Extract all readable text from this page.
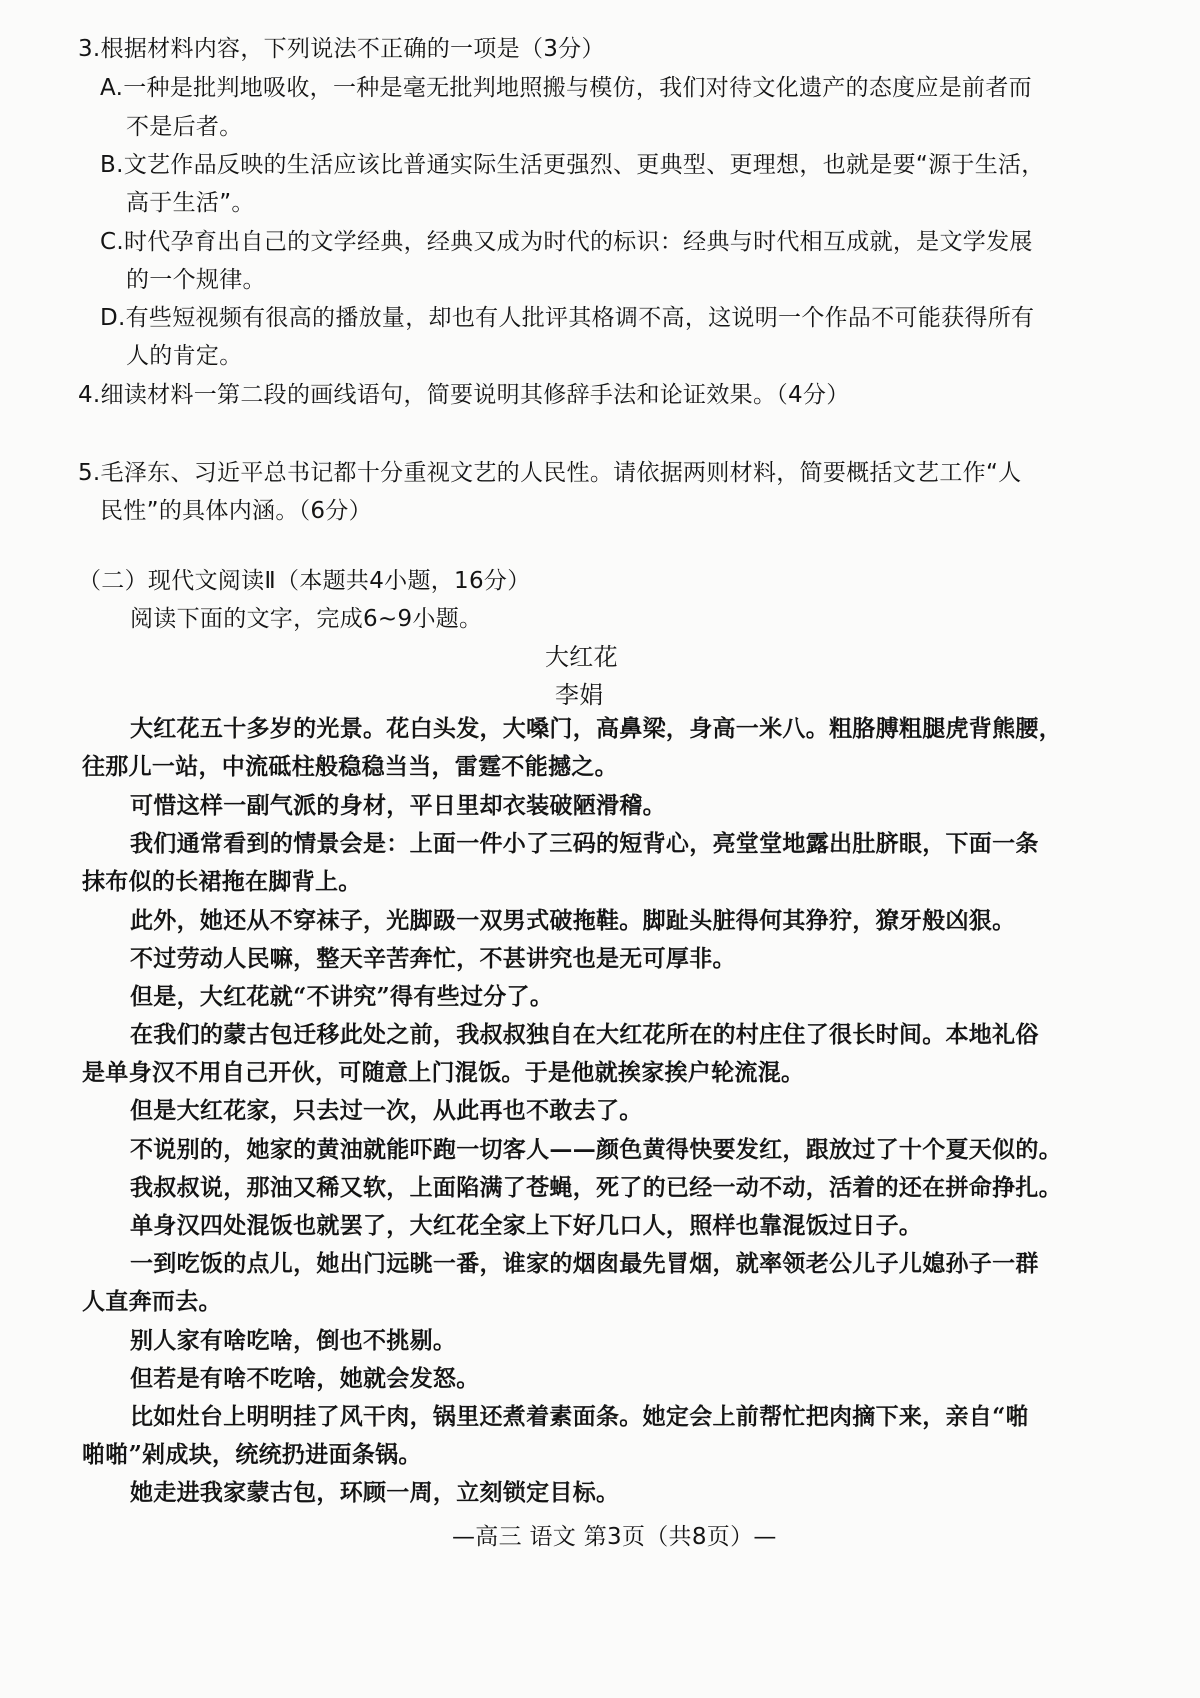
3.根据材料内容，下列说法不正确的一项是（3分）
A.一种是批判地吸收，一种是毫无批判地照搬与模仿，我们对待文化遗产的态度应是前者而
不是后者。
B.文艺作品反映的生活应该比普通实际生活更强烈、更典型、更理想，也就是要“源于生活，
高于生活”。
C.时代孕育出自己的文学经典，经典又成为时代的标识：经典与时代相互成就，是文学发展
的一个规律。
D.有些短视频有很高的播放量，却也有人批评其格调不高，这说明一个作品不可能获得所有
人的肯定。
4.细读材料一第二段的画线语句，简要说明其修辞手法和论证效果。（4分）
5.毛泽东、习近平总书记都十分重视文艺的人民性。请依据两则材料，简要概括文艺工作“人
民性”的具体内涵。（6分）
（二）现代文阅读Ⅱ（本题共4小题，16分）
阅读下面的文字，完成6~9小题。
大红花
李娟
大红花五十多岁的光景。花白头发，大嗓门，高鼻梁，身高一米八。粗胳膊粗腿虎背熊腰，
往那儿一站，中流砥柱般稳稳当当，雷霆不能撼之。
可惜这样一副气派的身材，平日里却衣装破陋滑稽。
我们通常看到的情景会是：上面一件小了三码的短背心，亮堂堂地露出肚脐眼，下面一条
抹布似的长裙拖在脚背上。
此外，她还从不穿袜子，光脚趿一双男式破拖鞋。脚趾头脏得何其狰狞，獠牙般凶狠。
不过劳动人民嘛，整天辛苦奔忙，不甚讲究也是无可厚非。
但是，大红花就“不讲究”得有些过分了。
在我们的蒙古包迁移此处之前，我叔叔独自在大红花所在的村庄住了很长时间。本地礼俗
是单身汉不用自己开伙，可随意上门混饭。于是他就挨家挨户轮流混。
但是大红花家，只去过一次，从此再也不敢去了。
不说别的，她家的黄油就能吓跑一切客人——颜色黄得快要发红，跟放过了十个夏天似的。
我叔叔说，那油又稀又软，上面陷满了苍蝇，死了的已经一动不动，活着的还在拼命挣扎。
单身汉四处混饭也就罢了，大红花全家上下好几口人，照样也靠混饭过日子。
一到吃饭的点儿，她出门远眺一番，谁家的烟囱最先冒烟，就率领老公儿子儿媳孙子一群
人直奔而去。
别人家有啥吃啥，倒也不挑剔。
但若是有啥不吃啥，她就会发怒。
比如灶台上明明挂了风干肉，锅里还煮着素面条。她定会上前帮忙把肉摘下来，亲自“啪
啪啪”剁成块，统统扔进面条锅。
她走进我家蒙古包，环顾一周，立刻锁定目标。
—高三 语文 第3页（共8页）—
